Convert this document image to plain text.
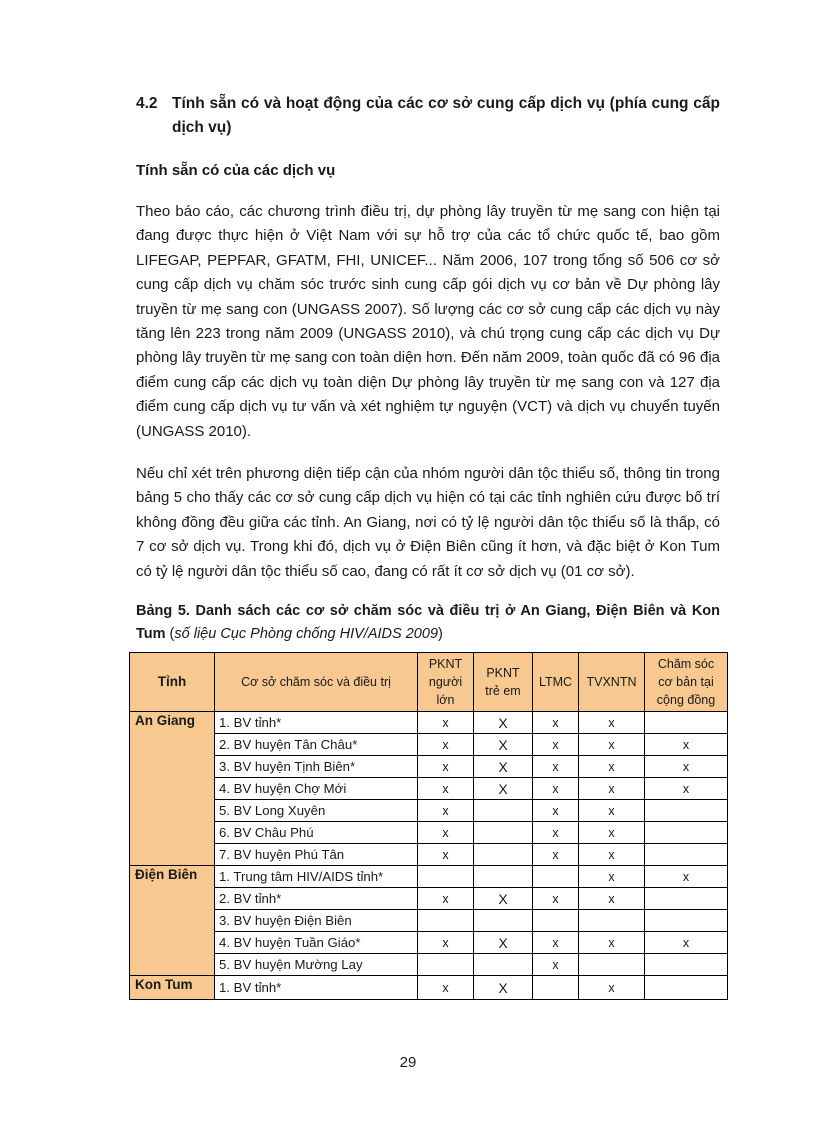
4.2 Tính sẵn có và hoạt động của các cơ sở cung cấp dịch vụ (phía cung cấp dịch vụ)
Tính sẵn có của các dịch vụ

Theo báo cáo, các chương trình điều trị, dự phòng lây truyền từ mẹ sang con hiện tại đang được thực hiện ở Việt Nam với sự hỗ trợ của các tổ chức quốc tế, bao gồm LIFEGAP, PEPFAR, GFATM, FHI, UNICEF... Năm 2006, 107 trong tổng số 506 cơ sở cung cấp dịch vụ chăm sóc trước sinh cung cấp gói dịch vụ cơ bản về Dự phòng lây truyền từ mẹ sang con (UNGASS 2007). Số lượng các cơ sở cung cấp các dịch vụ này tăng lên 223 trong năm 2009 (UNGASS 2010), và chú trọng cung cấp các dịch vụ Dự phòng lây truyền từ mẹ sang con toàn diện hơn. Đến năm 2009, toàn quốc đã có 96 địa điểm cung cấp các dịch vụ toàn diện Dự phòng lây truyền từ mẹ sang con và 127 địa điểm cung cấp dịch vụ tư vấn và xét nghiệm tự nguyện (VCT) và dịch vụ chuyển tuyến (UNGASS 2010).

Nếu chỉ xét trên phương diện tiếp cận của nhóm người dân tộc thiểu số, thông tin trong bảng 5 cho thấy các cơ sở cung cấp dịch vụ hiện có tại các tỉnh nghiên cứu được bố trí không đồng đều giữa các tỉnh. An Giang, nơi có tỷ lệ người dân tộc thiểu số là thấp, có 7 cơ sở dịch vụ. Trong khi đó, dịch vụ ở Điện Biên cũng ít hơn, và đặc biệt ở Kon Tum có tỷ lệ người dân tộc thiểu số cao, đang có rất ít cơ sở dịch vụ (01 cơ sở).

Bảng 5. Danh sách các cơ sở chăm sóc và điều trị ở An Giang, Điện Biên và Kon Tum (số liệu Cục Phòng chống HIV/AIDS 2009)
Tỉnh	Cơ sở chăm sóc và điều trị	PKNT người lớn	PKNT trẻ em	LTMC	TVXNTN	Chăm sóc cơ bản tại cộng đồng
An Giang	1. BV tỉnh*	x	X	x	x	
	2. BV huyện Tân Châu*	x	X	x	x	x
	3. BV huyện Tịnh Biên*	x	X	x	x	x
	4. BV huyện Chợ Mới	x	X	x	x	x
	5. BV Long Xuyên	x		x	x	
	6. BV Châu Phú	x		x	x	
	7. BV huyện Phú Tân	x		x	x	
Điện Biên	1. Trung tâm HIV/AIDS tỉnh*				x	x
	2. BV tỉnh*	x	X	x	x	
	3. BV huyện Điện Biên					
	4. BV huyện Tuần Giáo*	x	X	x	x	x
	5. BV huyện Mường Lay			x		
Kon Tum	1. BV tỉnh*	x	X		x	
29
